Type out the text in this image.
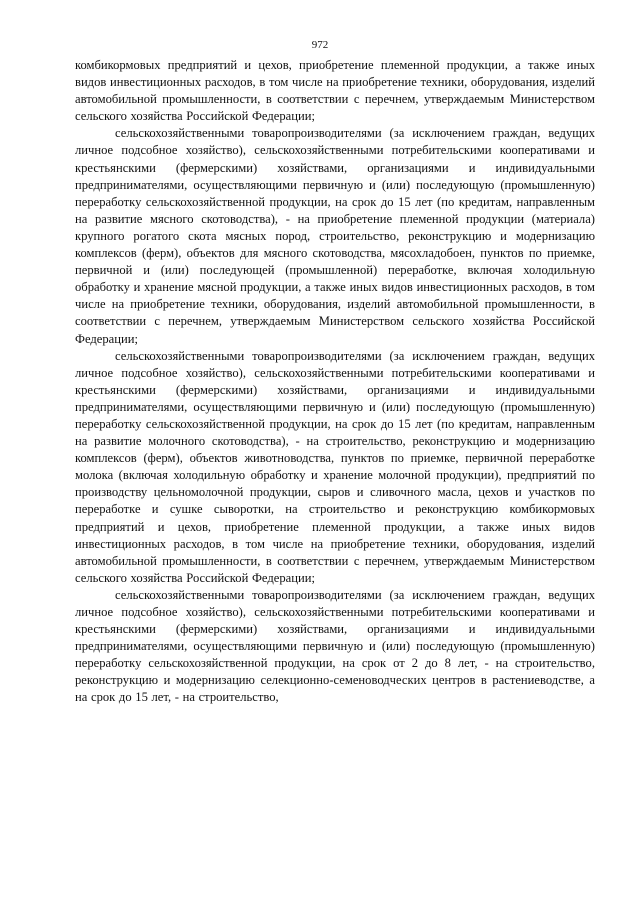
972

комбикормовых предприятий и цехов, приобретение племенной продукции, а также иных видов инвестиционных расходов, в том числе на приобретение техники, оборудования, изделий автомобильной промышленности, в соответствии с перечнем, утверждаемым Министерством сельского хозяйства Российской Федерации;

сельскохозяйственными товаропроизводителями (за исключением граждан, ведущих личное подсобное хозяйство), сельскохозяйственными потребительскими кооперативами и крестьянскими (фермерскими) хозяйствами, организациями и индивидуальными предпринимателями, осуществляющими первичную и (или) последующую (промышленную) переработку сельскохозяйственной продукции, на срок до 15 лет (по кредитам, направленным на развитие мясного скотоводства), - на приобретение племенной продукции (материала) крупного рогатого скота мясных пород, строительство, реконструкцию и модернизацию комплексов (ферм), объектов для мясного скотоводства, мясохладобоен, пунктов по приемке, первичной и (или) последующей (промышленной) переработке, включая холодильную обработку и хранение мясной продукции, а также иных видов инвестиционных расходов, в том числе на приобретение техники, оборудования, изделий автомобильной промышленности, в соответствии с перечнем, утверждаемым Министерством сельского хозяйства Российской Федерации;

сельскохозяйственными товаропроизводителями (за исключением граждан, ведущих личное подсобное хозяйство), сельскохозяйственными потребительскими кооперативами и крестьянскими (фермерскими) хозяйствами, организациями и индивидуальными предпринимателями, осуществляющими первичную и (или) последующую (промышленную) переработку сельскохозяйственной продукции, на срок до 15 лет (по кредитам, направленным на развитие молочного скотоводства), - на строительство, реконструкцию и модернизацию комплексов (ферм), объектов животноводства, пунктов по приемке, первичной переработке молока (включая холодильную обработку и хранение молочной продукции), предприятий по производству цельномолочной продукции, сыров и сливочного масла, цехов и участков по переработке и сушке сыворотки, на строительство и реконструкцию комбикормовых предприятий и цехов, приобретение племенной продукции, а также иных видов инвестиционных расходов, в том числе на приобретение техники, оборудования, изделий автомобильной промышленности, в соответствии с перечнем, утверждаемым Министерством сельского хозяйства Российской Федерации;

сельскохозяйственными товаропроизводителями (за исключением граждан, ведущих личное подсобное хозяйство), сельскохозяйственными потребительскими кооперативами и крестьянскими (фермерскими) хозяйствами, организациями и индивидуальными предпринимателями, осуществляющими первичную и (или) последующую (промышленную) переработку сельскохозяйственной продукции, на срок от 2 до 8 лет, - на строительство, реконструкцию и модернизацию селекционно-семеноводческих центров в растениеводстве, а на срок до 15 лет, - на строительство,
